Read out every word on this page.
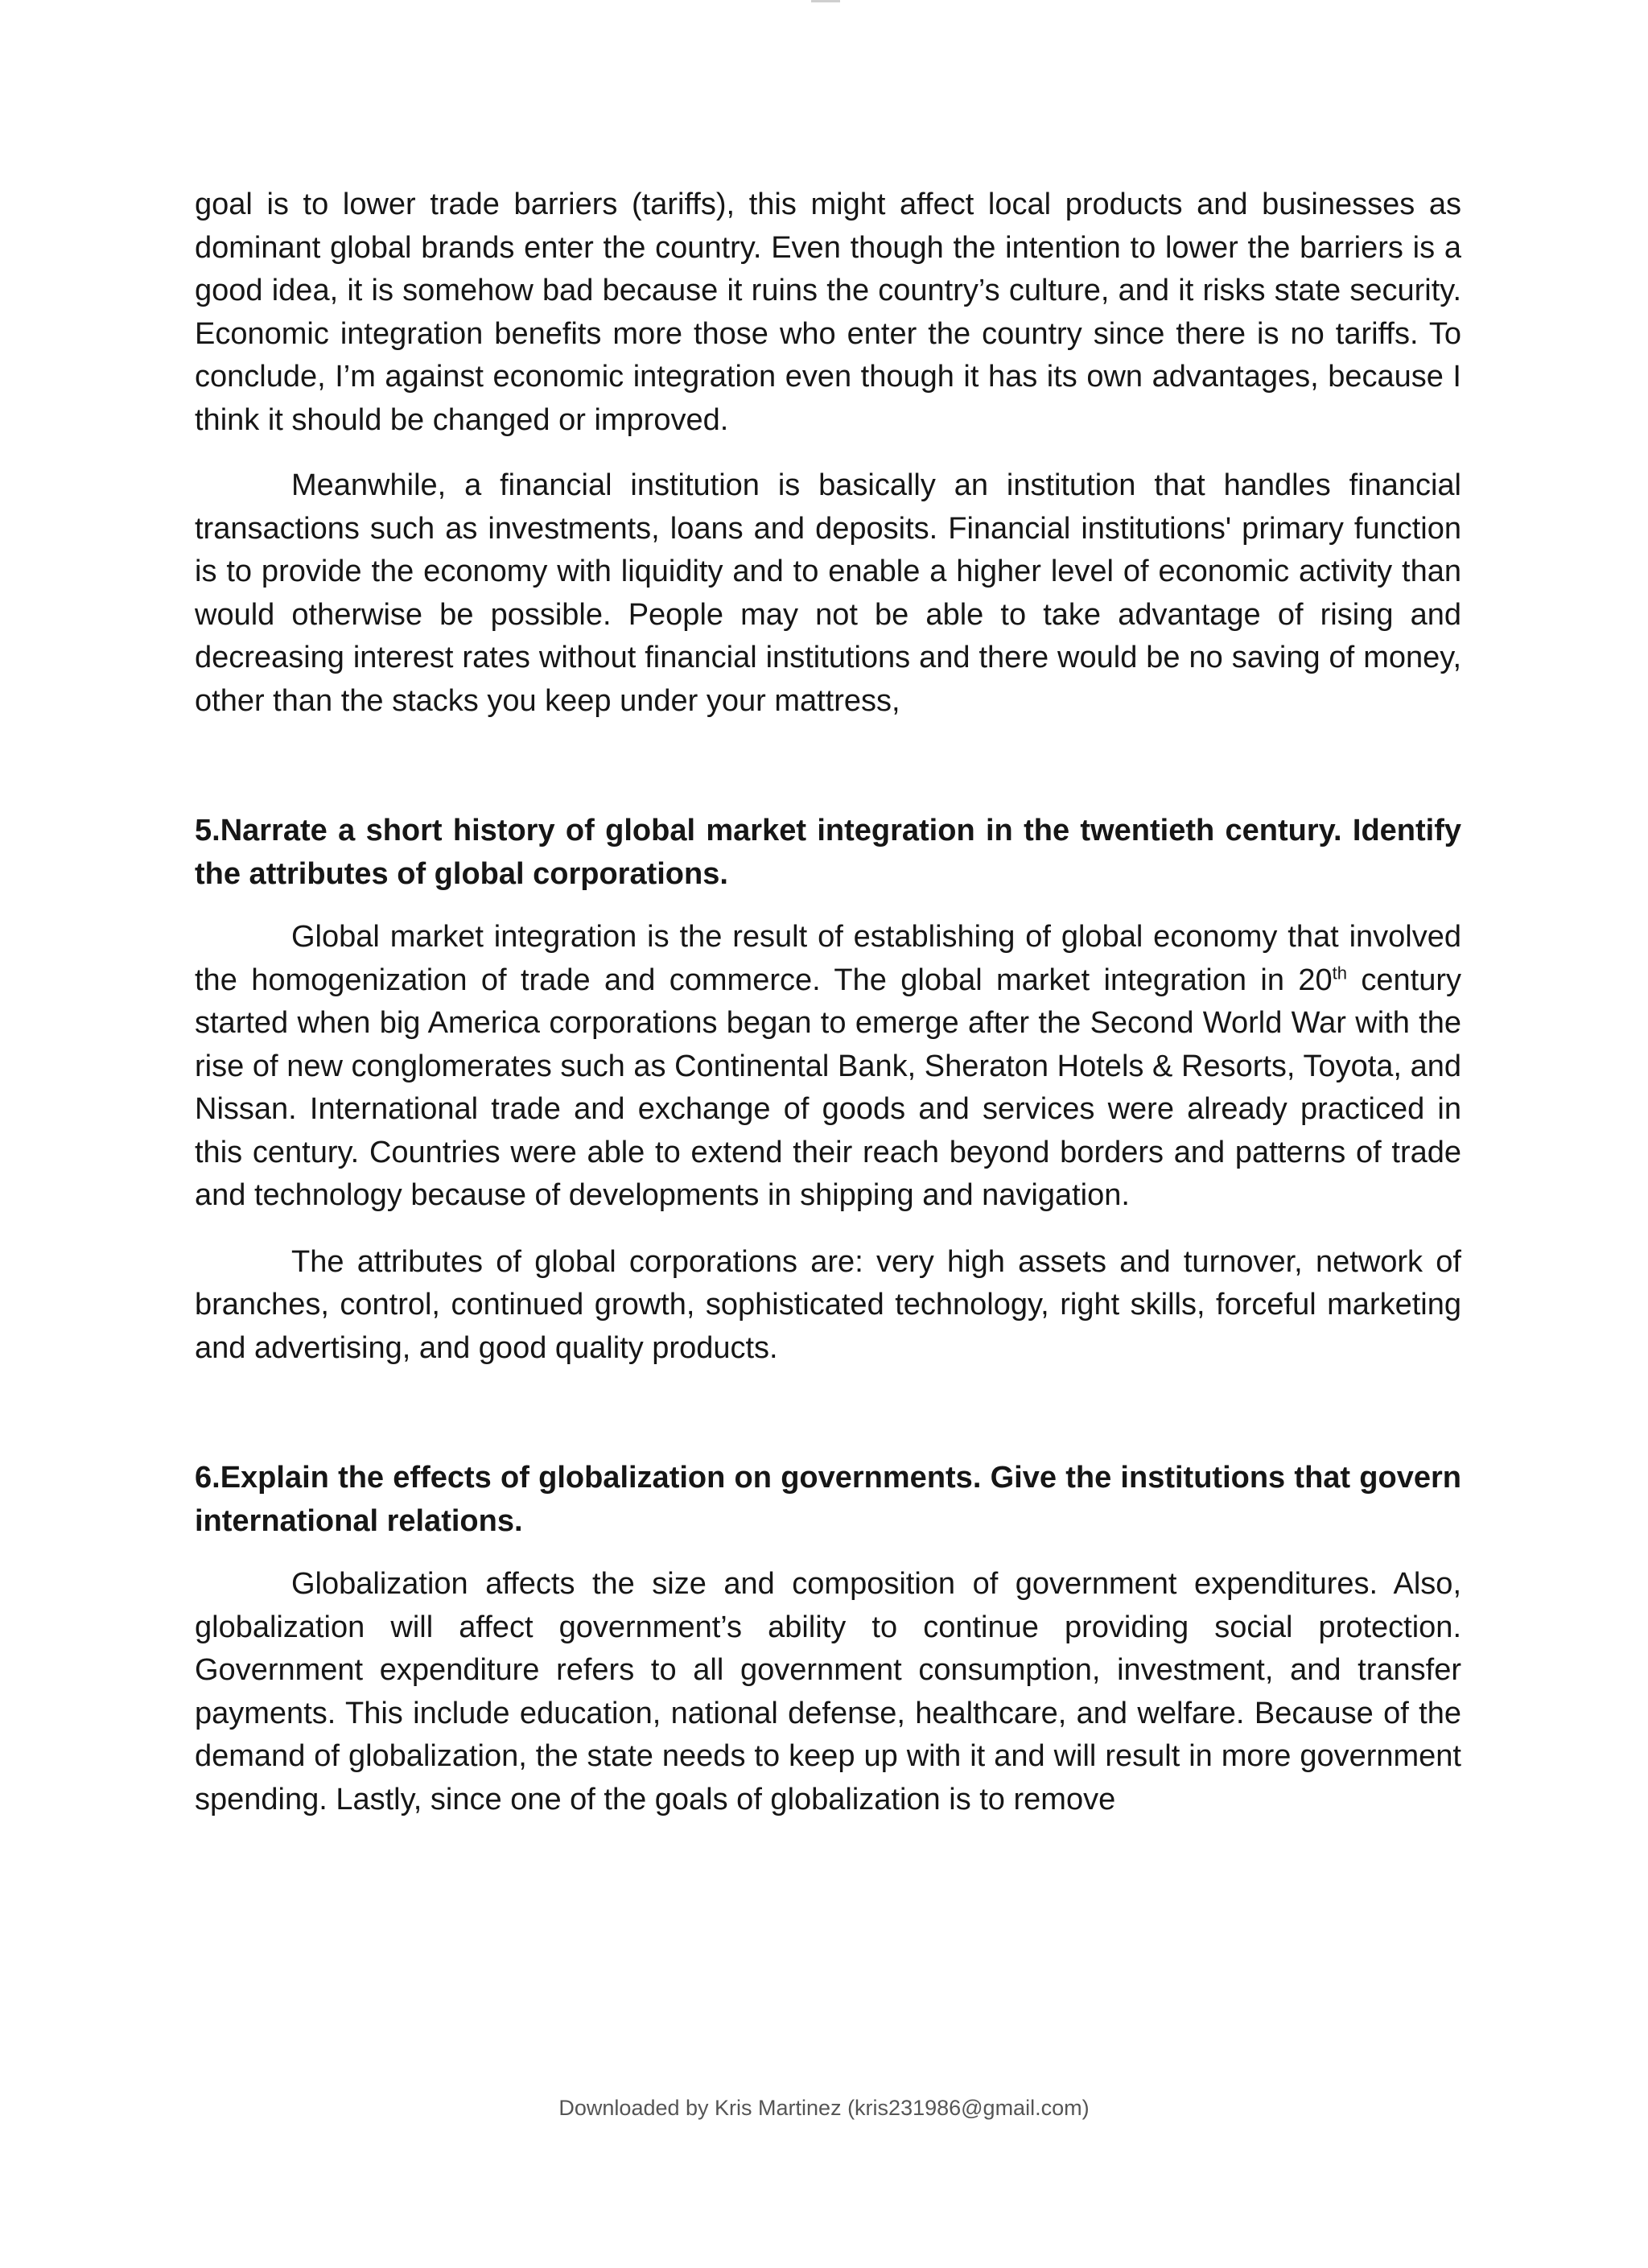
goal is to lower trade barriers (tariffs), this might affect local products and businesses as dominant global brands enter the country. Even though the intention to lower the barriers is a good idea, it is somehow bad because it ruins the country’s culture, and it risks state security. Economic integration benefits more those who enter the country since there is no tariffs. To conclude, I’m against economic integration even though it has its own advantages, because I think it should be changed or improved.

Meanwhile, a financial institution is basically an institution that handles financial transactions such as investments, loans and deposits. Financial institutions' primary function is to provide the economy with liquidity and to enable a higher level of economic activity than would otherwise be possible. People may not be able to take advantage of rising and decreasing interest rates without financial institutions and there would be no saving of money, other than the stacks you keep under your mattress,

5.Narrate a short history of global market integration in the twentieth century. Identify the attributes of global corporations.

Global market integration is the result of establishing of global economy that involved the homogenization of trade and commerce. The global market integration in 20th century started when big America corporations began to emerge after the Second World War with the rise of new conglomerates such as Continental Bank, Sheraton Hotels & Resorts, Toyota, and Nissan. International trade and exchange of goods and services were already practiced in this century. Countries were able to extend their reach beyond borders and patterns of trade and technology because of developments in shipping and navigation.

The attributes of global corporations are: very high assets and turnover, network of branches, control, continued growth, sophisticated technology, right skills, forceful marketing and advertising, and good quality products.

6.Explain the effects of globalization on governments. Give the institutions that govern international relations.

Globalization affects the size and composition of government expenditures. Also, globalization will affect government’s ability to continue providing social protection. Government expenditure refers to all government consumption, investment, and transfer payments. This include education, national defense, healthcare, and welfare. Because of the demand of globalization, the state needs to keep up with it and will result in more government spending. Lastly, since one of the goals of globalization is to remove

Downloaded by Kris Martinez (kris231986@gmail.com)
